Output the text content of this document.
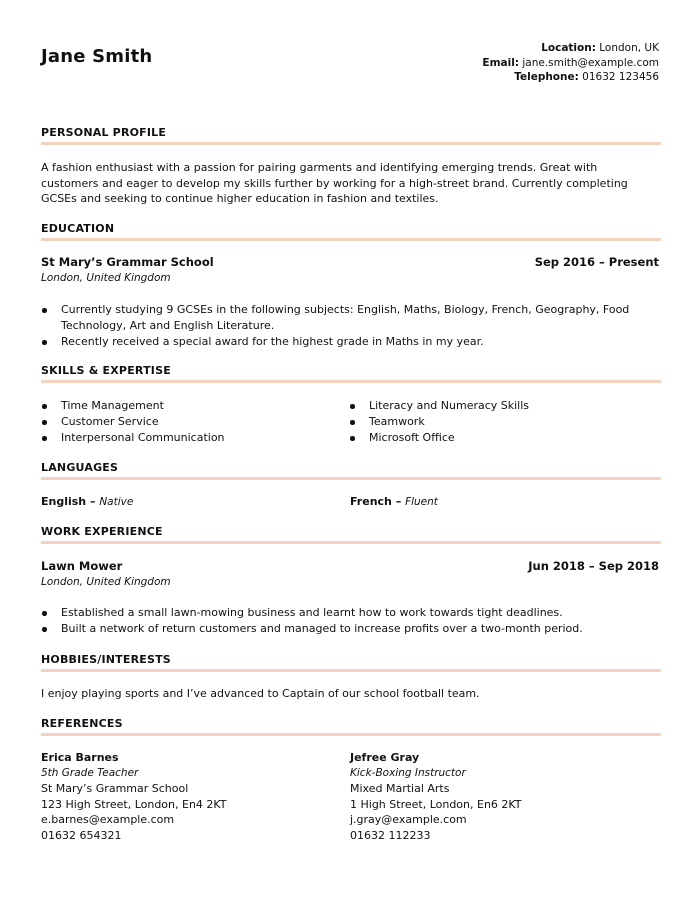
Jane Smith	Location: London, UK
Email: jane.smith@example.com
Telephone: 01632 123456
PERSONAL PROFILE
A fashion enthusiast with a passion for pairing garments and identifying emerging trends. Great with customers and eager to develop my skills further by working for a high-street brand. Currently completing GCSEs and seeking to continue higher education in fashion and textiles.
EDUCATION
St Mary’s Grammar School	Sep 2016 – Present
London, United Kingdom
Currently studying 9 GCSEs in the following subjects: English, Maths, Biology, French, Geography, Food Technology, Art and English Literature.
Recently received a special award for the highest grade in Maths in my year.
SKILLS & EXPERTISE
Time Management
Customer Service
Interpersonal Communication
Literacy and Numeracy Skills
Teamwork
Microsoft Office
LANGUAGES
English – Native	French – Fluent
WORK EXPERIENCE
Lawn Mower	Jun 2018 – Sep 2018
London, United Kingdom
Established a small lawn-mowing business and learnt how to work towards tight deadlines.
Built a network of return customers and managed to increase profits over a two-month period.
HOBBIES/INTERESTS
I enjoy playing sports and I’ve advanced to Captain of our school football team.
REFERENCES
Erica Barnes
5th Grade Teacher
St Mary’s Grammar School
123 High Street, London, En4 2KT
e.barnes@example.com
01632 654321
Jefree Gray
Kick-Boxing Instructor
Mixed Martial Arts
1 High Street, London, En6 2KT
j.gray@example.com
01632 112233
